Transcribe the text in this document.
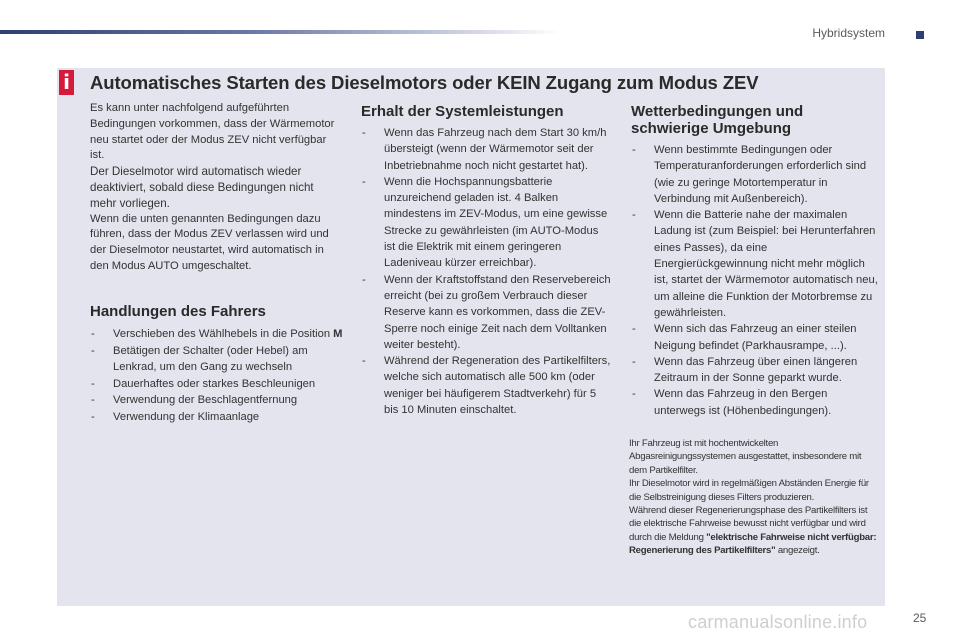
Hybridsystem
i Automatisches Starten des Dieselmotors oder KEIN Zugang zum Modus ZEV

Es kann unter nachfolgend aufgeführten Bedingungen vorkommen, dass der Wärmemotor neu startet oder der Modus ZEV nicht verfügbar ist.

Der Dieselmotor wird automatisch wieder deaktiviert, sobald diese Bedingungen nicht mehr vorliegen.

Wenn die unten genannten Bedingungen dazu führen, dass der Modus ZEV verlassen wird und der Dieselmotor neustartet, wird automatisch in den Modus AUTO umgeschaltet.

Handlungen des Fahrers
- Verschieben des Wählhebels in die Position M
- Betätigen der Schalter (oder Hebel) am Lenkrad, um den Gang zu wechseln
- Dauerhaftes oder starkes Beschleunigen
- Verwendung der Beschlagentfernung
- Verwendung der Klimaanlage
Erhalt der Systemleistungen
- Wenn das Fahrzeug nach dem Start 30 km/h übersteigt (wenn der Wärmemotor seit der Inbetriebnahme noch nicht gestartet hat).
- Wenn die Hochspannungsbatterie unzureichend geladen ist. 4 Balken mindestens im ZEV-Modus, um eine gewisse Strecke zu gewährleisten (im AUTO-Modus ist die Elektrik mit einem geringeren Ladeniveau kürzer erreichbar).
- Wenn der Kraftstoffstand den Reservebereich erreicht (bei zu großem Verbrauch dieser Reserve kann es vorkommen, dass die ZEV-Sperre noch einige Zeit nach dem Volltanken weiter besteht).
- Während der Regeneration des Partikelfilters, welche sich automatisch alle 500 km (oder weniger bei häufigerem Stadtverkehr) für 5 bis 10 Minuten einschaltet.
Wetterbedingungen und schwierige Umgebung
- Wenn bestimmte Bedingungen oder Temperaturanforderungen erforderlich sind (wie zu geringe Motortemperatur in Verbindung mit Außenbereich).
- Wenn die Batterie nahe der maximalen Ladung ist (zum Beispiel: bei Herunterfahren eines Passes), da eine Energierückgewinnung nicht mehr möglich ist, startet der Wärmemotor automatisch neu, um alleine die Funktion der Motorbremse zu gewährleisten.
- Wenn sich das Fahrzeug an einer steilen Neigung befindet (Parkhausrampe, ...).
- Wenn das Fahrzeug über einen längeren Zeitraum in der Sonne geparkt wurde.
- Wenn das Fahrzeug in den Bergen unterwegs ist (Höhenbedingungen).

Ihr Fahrzeug ist mit hochentwickelten Abgasreinigungssystemen ausgestattet, insbesondere mit dem Partikelfilter.

Ihr Dieselmotor wird in regelmäßigen Abständen Energie für die Selbstreinigung dieses Filters produzieren.

Während dieser Regenerierungsphase des Partikelfilters ist die elektrische Fahrweise bewusst nicht verfügbar und wird durch die Meldung "elektrische Fahrweise nicht verfügbar: Regenerierung des Partikelfilters" angezeigt.

carmanualsonline.info	25
